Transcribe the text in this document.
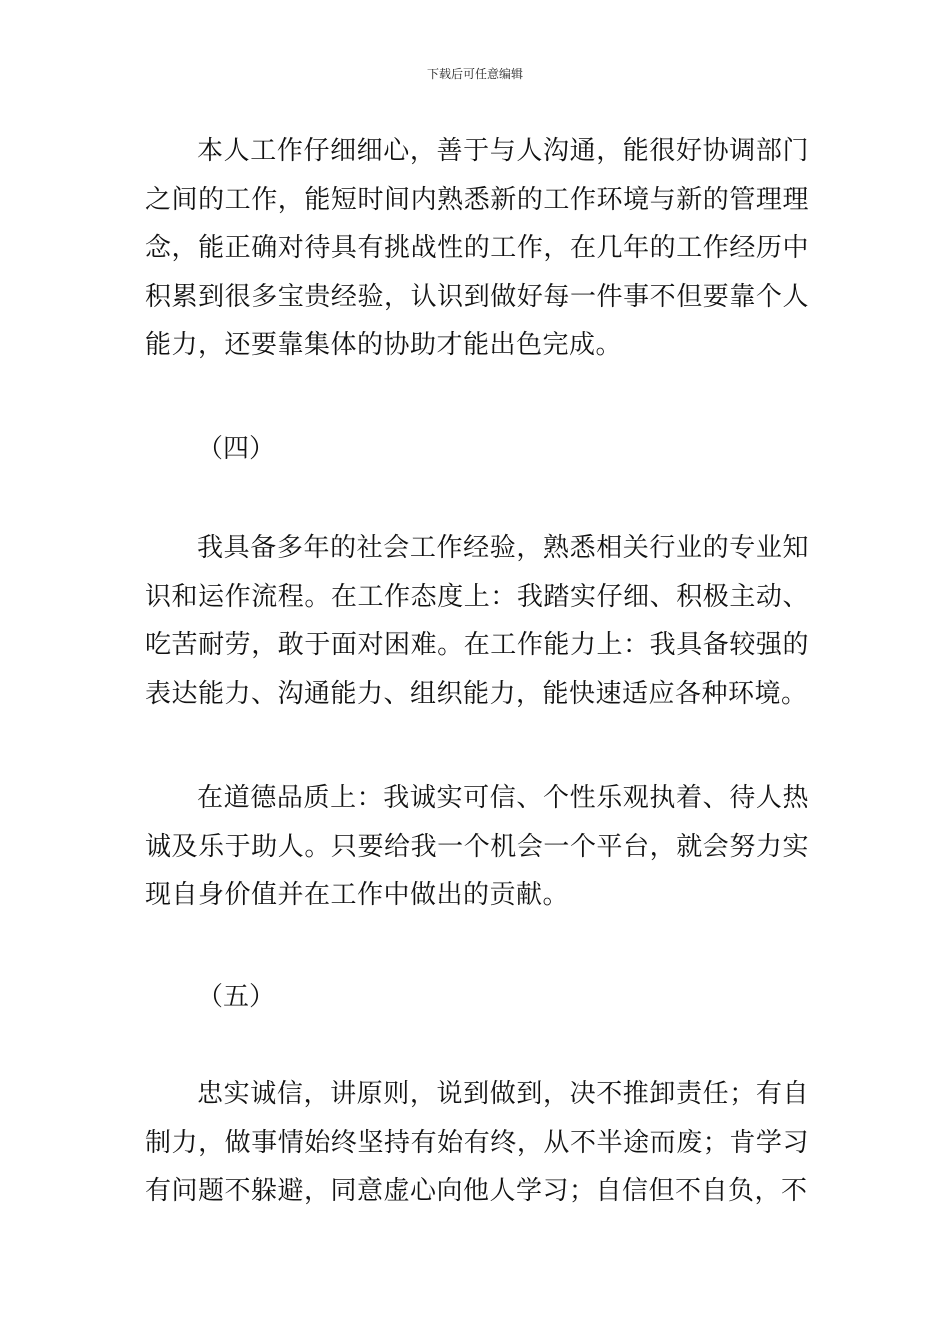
下载后可任意编辑

本人工作仔细细心，善于与人沟通，能很好协调部门之间的工作，能短时间内熟悉新的工作环境与新的管理理念，能正确对待具有挑战性的工作，在几年的工作经历中积累到很多宝贵经验，认识到做好每一件事不但要靠个人能力，还要靠集体的协助才能出色完成。

（四）

我具备多年的社会工作经验，熟悉相关行业的专业知识和运作流程。在工作态度上：我踏实仔细、积极主动、吃苦耐劳，敢于面对困难。在工作能力上：我具备较强的表达能力、沟通能力、组织能力，能快速适应各种环境。

在道德品质上：我诚实可信、个性乐观执着、待人热诚及乐于助人。只要给我一个机会一个平台，就会努力实现自身价值并在工作中做出的贡献。

（五）

忠实诚信，讲原则，说到做到，决不推卸责任；有自制力，做事情始终坚持有始有终，从不半途而废；肯学习有问题不躲避，同意虚心向他人学习；自信但不自负，不
